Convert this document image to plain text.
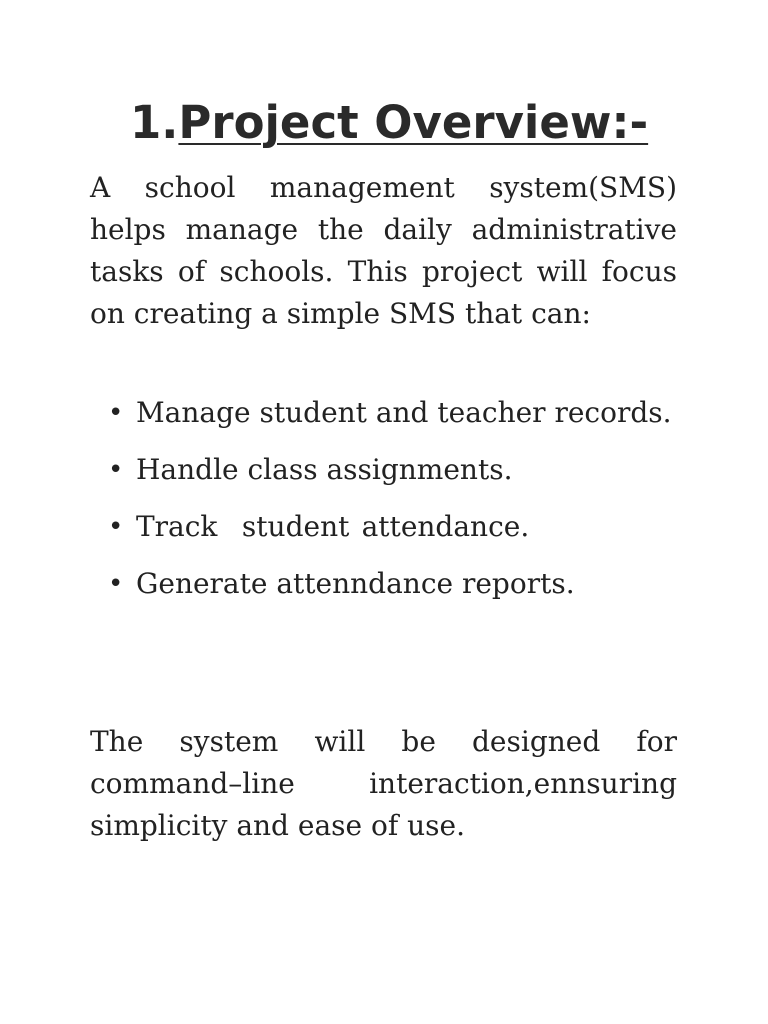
1.Project Overview:-

A school management system(SMS) helps manage the daily administrative tasks of schools. This project will focus on creating a simple SMS that can:

• Manage student and teacher records.
• Handle class assignments.
• Track  student attendance.
• Generate attenndance reports.

The system will be designed for command–line interaction,ennsuring simplicity and ease of use.
